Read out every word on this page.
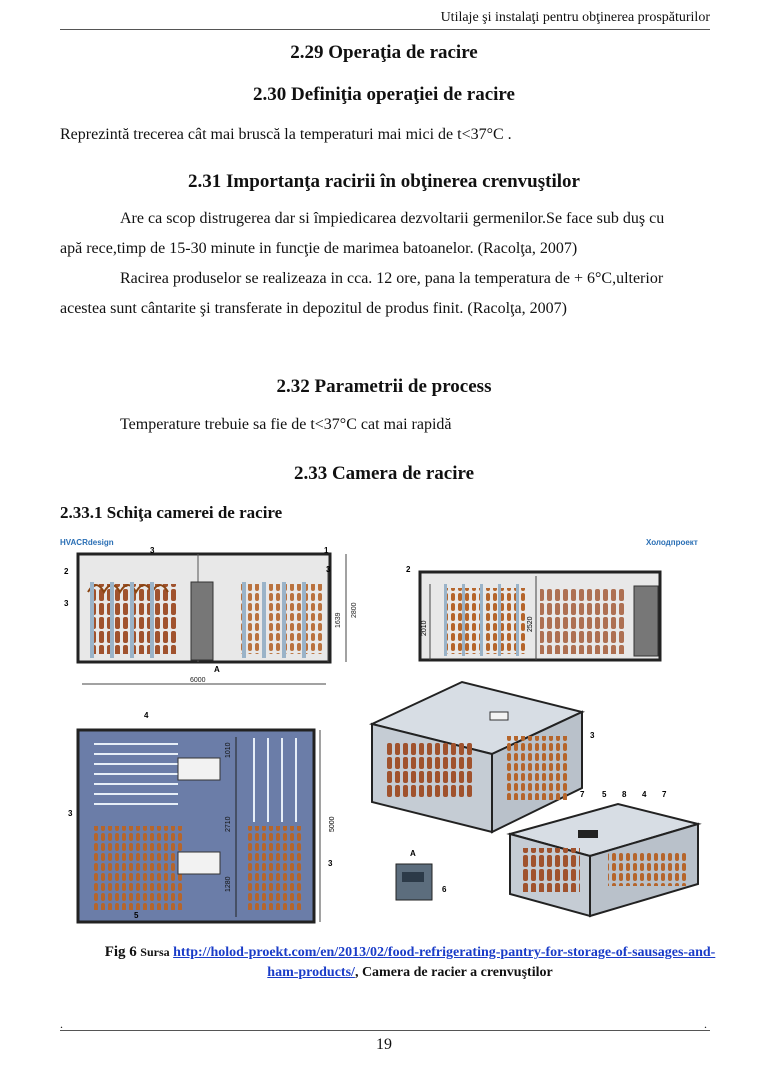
Utilaje şi instalaţi pentru obţinerea prospăturilor
2.29 Operaţia de racire
2.30 Definiţia operaţiei de racire
Reprezintă trecerea cât mai bruscă la temperaturi mai mici de t<37°C .
2.31 Importanţa racirii în obţinerea crenvuştilor
Are ca scop distrugerea dar si împiedicarea dezvoltarii germenilor.Se face sub duş cu
apă rece,timp de 15-30 minute in funcţie de marimea batoanelor. (Racolţa, 2007)
Racirea produselor se realizeaza in cca. 12 ore, pana la temperatura de + 6°C,ulterior
acestea sunt cântarite şi transferate in depozitul de produs finit. (Racolţa, 2007)
2.32 Parametrii de process
Temperature trebuie sa fie de t<37°C cat mai rapidă
2.33 Camera de racire
2.33.1 Schiţa camerei de racire
HVACRdesign	Холодпроект
6000
1639
2800
2
3
3	1
3
A
2010	2520
2
1010
2710
1280
5000
4
3
3
5
3
7 5 8 4 7
A
6
Fig 6 Sursa http://holod-proekt.com/en/2013/02/food-refrigerating-pantry-for-storage-of-sausages-and-
ham-products/, Camera de racier a crenvuştilor
.	.
19
